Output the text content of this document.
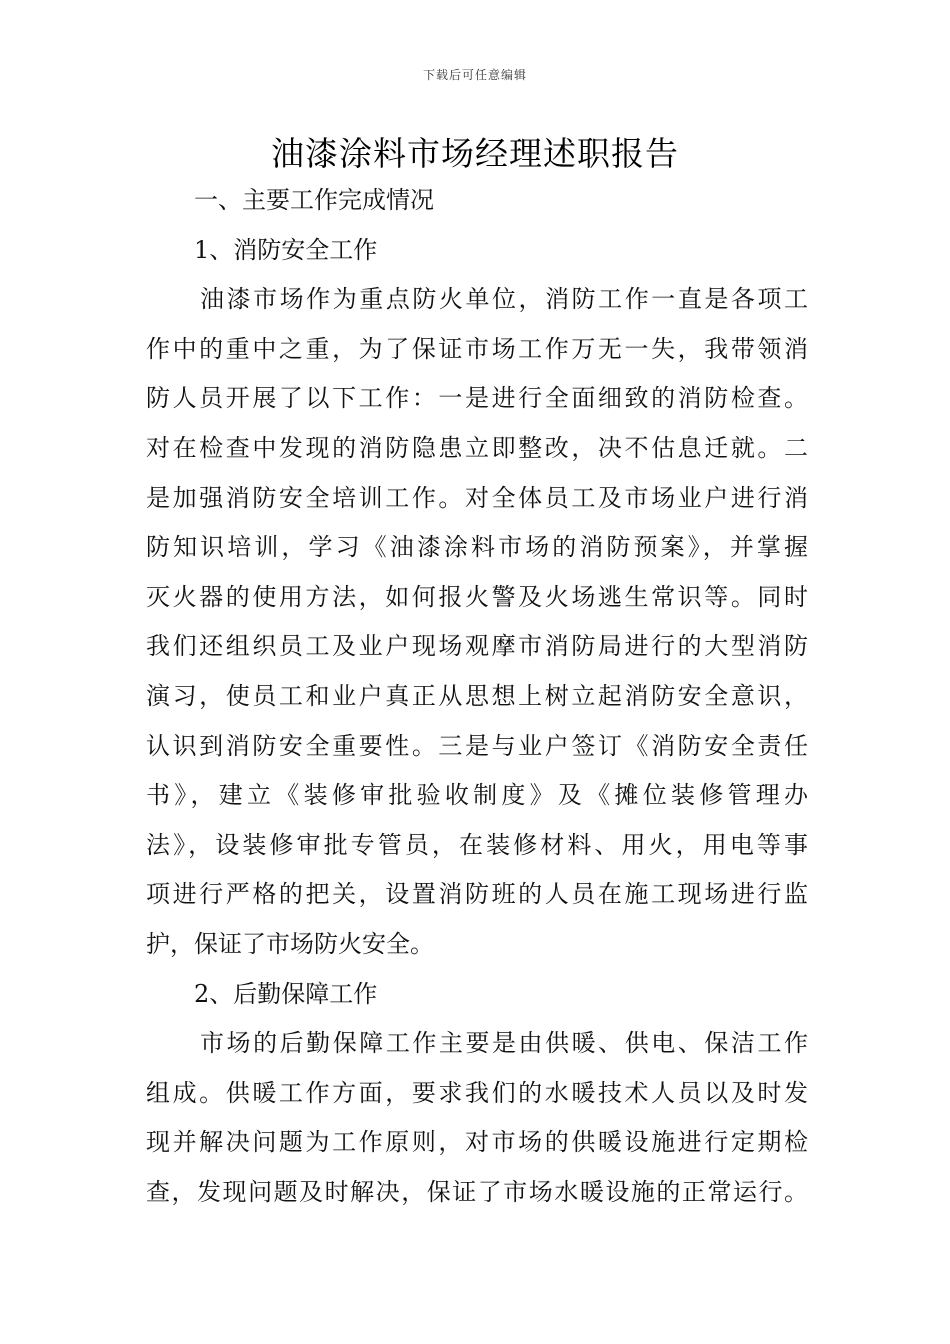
下载后可任意编辑
油漆涂料市场经理述职报告
一、主要工作完成情况
1、消防安全工作
油漆市场作为重点防火单位，消防工作一直是各项工
作中的重中之重，为了保证市场工作万无一失，我带领消
防人员开展了以下工作：一是进行全面细致的消防检查。
对在检查中发现的消防隐患立即整改，决不估息迁就。二
是加强消防安全培训工作。对全体员工及市场业户进行消
防知识培训，学习《油漆涂料市场的消防预案》，并掌握
灭火器的使用方法，如何报火警及火场逃生常识等。同时
我们还组织员工及业户现场观摩市消防局进行的大型消防
演习，使员工和业户真正从思想上树立起消防安全意识，
认识到消防安全重要性。三是与业户签订《消防安全责任
书》，建立《装修审批验收制度》及《摊位装修管理办
法》，设装修审批专管员，在装修材料、用火，用电等事
项进行严格的把关，设置消防班的人员在施工现场进行监
护，保证了市场防火安全。
2、后勤保障工作
市场的后勤保障工作主要是由供暖、供电、保洁工作
组成。供暖工作方面，要求我们的水暖技术人员以及时发
现并解决问题为工作原则，对市场的供暖设施进行定期检
查，发现问题及时解决，保证了市场水暖设施的正常运行。
